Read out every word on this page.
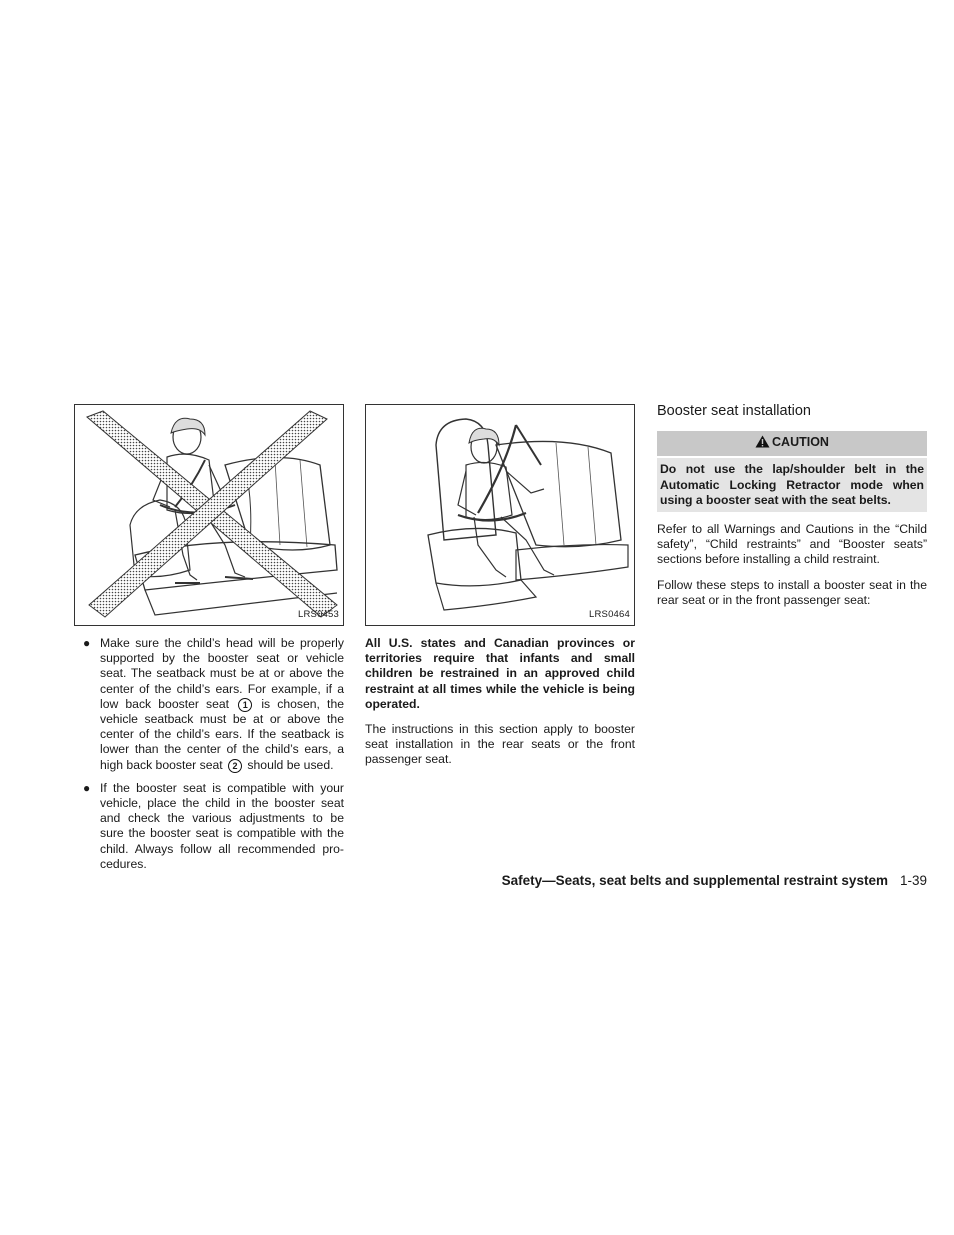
LRS0453
● Make sure the child’s head will be properly supported by the booster seat or vehicle seat. The seatback must be at or above the center of the child’s ears. For example, if a low back booster seat 1 is chosen, the vehicle seatback must be at or above the center of the child’s ears. If the seatback is lower than the center of the child’s ears, a high back booster seat 2 should be used.
● If the booster seat is compatible with your vehicle, place the child in the booster seat and check the various adjustments to be sure the booster seat is compatible with the child. Always follow all recommended pro- cedures.
LRS0464
All U.S. states and Canadian provinces or territories require that infants and small children be restrained in an approved child restraint at all times while the vehicle is being operated.
The instructions in this section apply to booster seat installation in the rear seats or the front passenger seat.
Booster seat installation
CAUTION
Do not use the lap/shoulder belt in the Automatic Locking Retractor mode when using a booster seat with the seat belts.
Refer to all Warnings and Cautions in the “Child safety”, “Child restraints” and “Booster seats” sections before installing a child restraint.
Follow these steps to install a booster seat in the rear seat or in the front passenger seat:
Safety—Seats, seat belts and supplemental restraint system 1-39
